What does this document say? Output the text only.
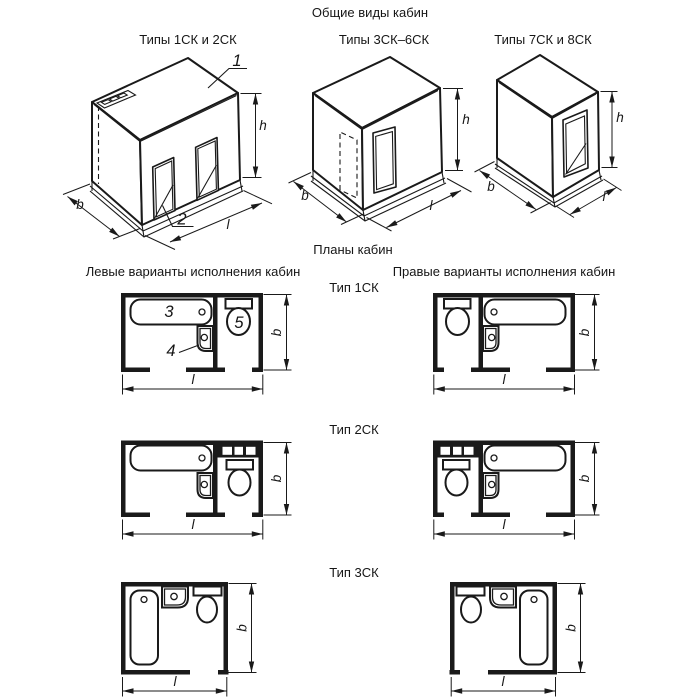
Общие виды кабин
Типы 1СК и 2СК	Типы 3СК–6СК	Типы 7СК и 8СК
1
2
b
l
h
b
l
h
b
l
h
Планы кабин
Левые варианты исполнения кабин	Правые варианты исполнения кабин
Тип 1СК
Тип 2СК
Тип 3СК
3
4
5
b
l
b
l
b
l
b
l
b
l
b
l
